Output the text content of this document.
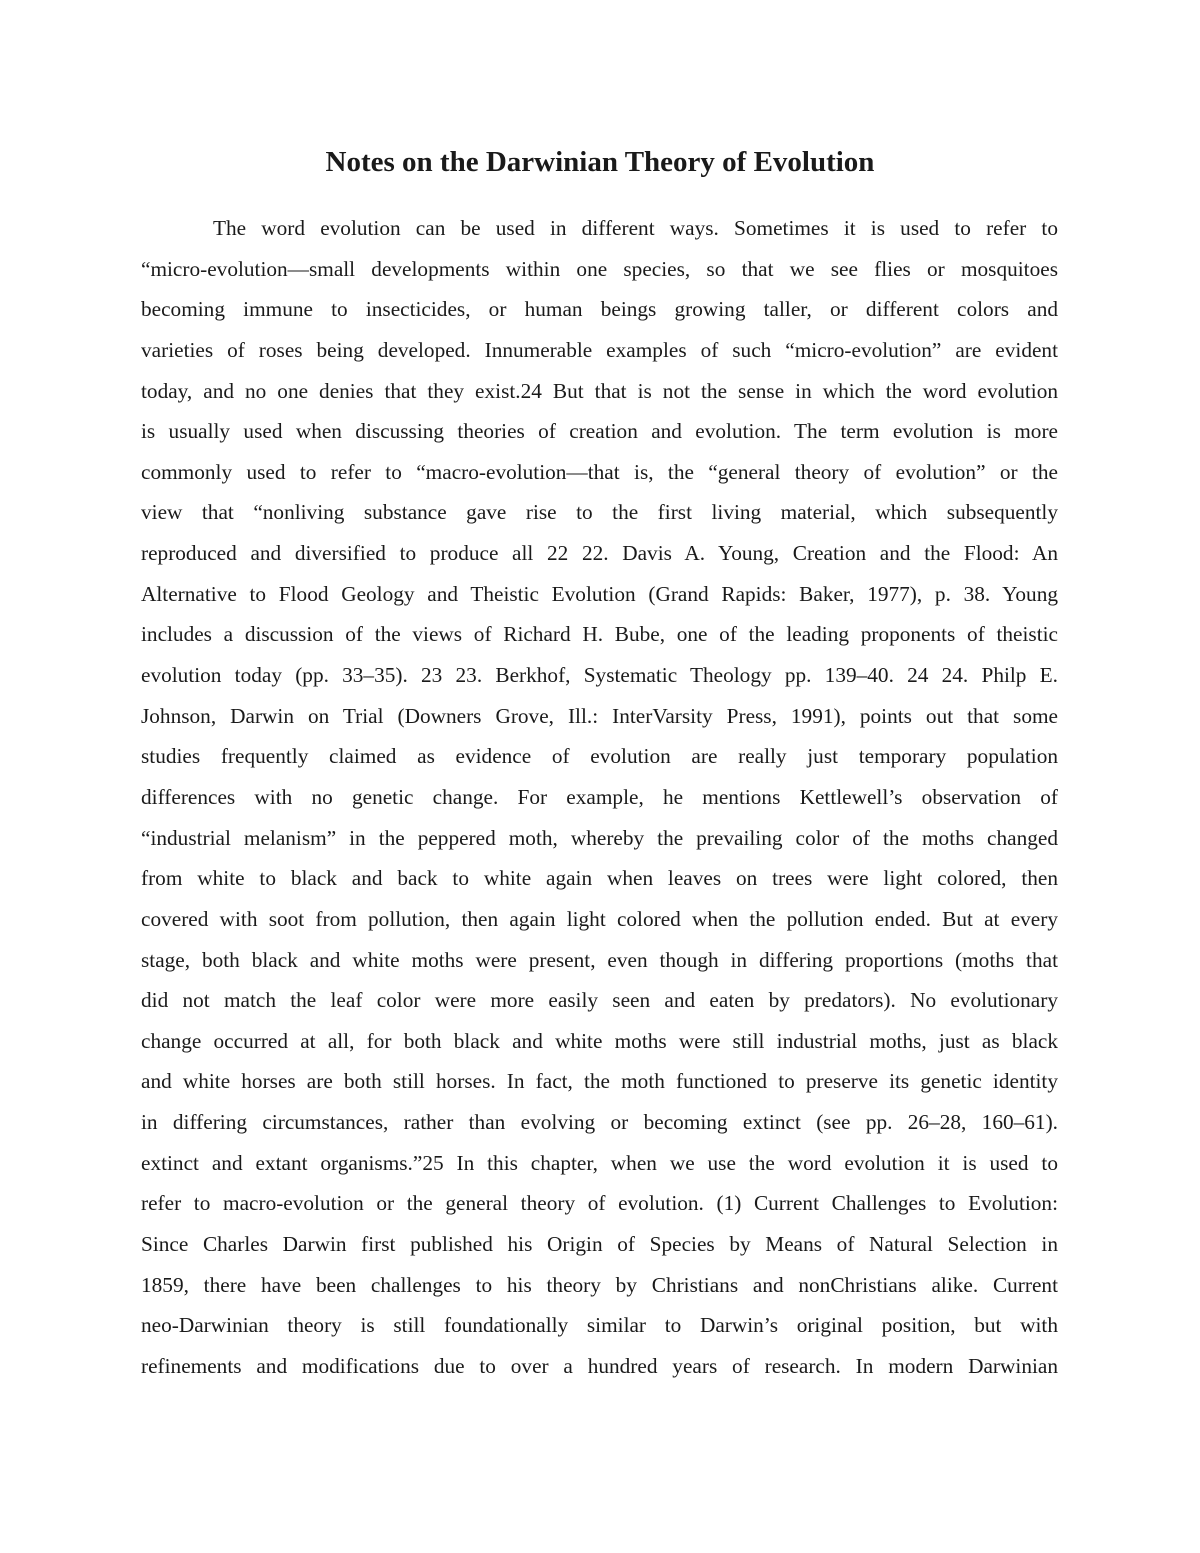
Notes on the Darwinian Theory of Evolution
The word evolution can be used in different ways. Sometimes it is used to refer to
“micro-evolution—small developments within one species, so that we see flies or mosquitoes
becoming immune to insecticides, or human beings growing taller, or different colors and
varieties of roses being developed. Innumerable examples of such “micro-evolution” are evident
today, and no one denies that they exist.24 But that is not the sense in which the word evolution
is usually used when discussing theories of creation and evolution. The term evolution is more
commonly used to refer to “macro-evolution—that is, the “general theory of evolution” or the
view that “nonliving substance gave rise to the first living material, which subsequently
reproduced and diversified to produce all 22 22. Davis A. Young, Creation and the Flood: An
Alternative to Flood Geology and Theistic Evolution (Grand Rapids: Baker, 1977), p. 38. Young
includes a discussion of the views of Richard H. Bube, one of the leading proponents of theistic
evolution today (pp. 33–35). 23 23. Berkhof, Systematic Theology pp. 139–40. 24 24. Philp E.
Johnson, Darwin on Trial (Downers Grove, Ill.: InterVarsity Press, 1991), points out that some
studies frequently claimed as evidence of evolution are really just temporary population
differences with no genetic change. For example, he mentions Kettlewell’s observation of
“industrial melanism” in the peppered moth, whereby the prevailing color of the moths changed
from white to black and back to white again when leaves on trees were light colored, then
covered with soot from pollution, then again light colored when the pollution ended. But at every
stage, both black and white moths were present, even though in differing proportions (moths that
did not match the leaf color were more easily seen and eaten by predators). No evolutionary
change occurred at all, for both black and white moths were still industrial moths, just as black
and white horses are both still horses. In fact, the moth functioned to preserve its genetic identity
in differing circumstances, rather than evolving or becoming extinct (see pp. 26–28, 160–61).
extinct and extant organisms.”25 In this chapter, when we use the word evolution it is used to
refer to macro-evolution or the general theory of evolution. (1) Current Challenges to Evolution:
Since Charles Darwin first published his Origin of Species by Means of Natural Selection in
1859, there have been challenges to his theory by Christians and nonChristians alike. Current
neo-Darwinian theory is still foundationally similar to Darwin’s original position, but with
refinements and modifications due to over a hundred years of research. In modern Darwinian
